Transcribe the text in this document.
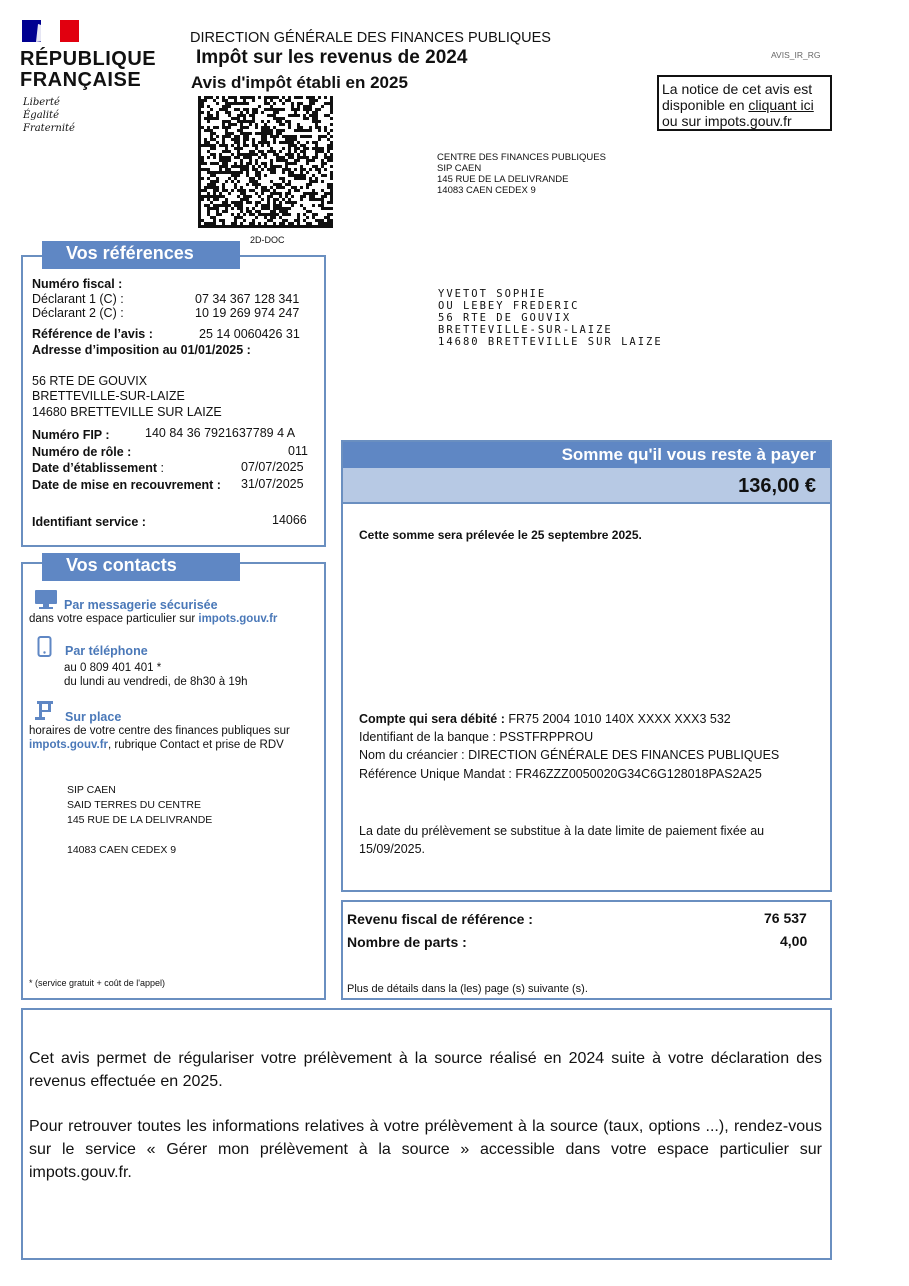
RÉPUBLIQUE
FRANÇAISE
Liberté
Égalité
Fraternité
DIRECTION GÉNÉRALE DES FINANCES PUBLIQUES
Impôt sur les revenus de 2024
Avis d'impôt établi en 2025
AVIS_IR_RG
La notice de cet avis est
disponible en cliquant ici
ou sur impots.gouv.fr
2D-DOC
CENTRE DES FINANCES PUBLIQUES
SIP CAEN
145 RUE DE LA DELIVRANDE
14083 CAEN CEDEX 9
YVETOT SOPHIE
OU LEBEY FREDERIC
56 RTE DE GOUVIX
BRETTEVILLE-SUR-LAIZE
14680 BRETTEVILLE SUR LAIZE
Vos références
Numéro fiscal :
Déclarant 1 (C) :	07 34 367 128 341
Déclarant 2 (C) :	10 19 269 974 247
Référence de l’avis :	25 14 0060426 31
Adresse d’imposition au 01/01/2025 :
56 RTE DE GOUVIX
BRETTEVILLE-SUR-LAIZE
14680 BRETTEVILLE SUR LAIZE
Numéro FIP :	140 84 36 7921637789 4 A
Numéro de rôle :	011
Date d’établissement :	07/07/2025
Date de mise en recouvrement : 31/07/2025
Identifiant service :	14066
Vos contacts
Par messagerie sécurisée
dans votre espace particulier sur impots.gouv.fr
Par téléphone
au 0 809 401 401 *
du lundi au vendredi, de 8h30 à 19h
Sur place
horaires de votre centre des finances publiques sur
impots.gouv.fr, rubrique Contact et prise de RDV
SIP CAEN
SAID TERRES DU CENTRE
145 RUE DE LA DELIVRANDE
14083 CAEN CEDEX 9
* (service gratuit + coût de l'appel)
Somme qu'il vous reste à payer
136,00 €
Cette somme sera prélevée le 25 septembre 2025.
Compte qui sera débité : FR75 2004 1010 140X XXXX XXX3 532
Identifiant de la banque : PSSTFRPPROU
Nom du créancier : DIRECTION GÉNÉRALE DES FINANCES PUBLIQUES
Référence Unique Mandat : FR46ZZZ0050020G34C6G128018PAS2A25
La date du prélèvement se substitue à la date limite de paiement fixée au
15/09/2025.
Revenu fiscal de référence :	76 537
Nombre de parts :	4,00
Plus de détails dans la (les) page (s) suivante (s).
Cet avis permet de régulariser votre prélèvement à la source réalisé en 2024 suite à votre déclaration des revenus effectuée en 2025.
Pour retrouver toutes les informations relatives à votre prélèvement à la source (taux, options ...), rendez-vous sur le service « Gérer mon prélèvement à la source » accessible dans votre espace particulier sur impots.gouv.fr.
